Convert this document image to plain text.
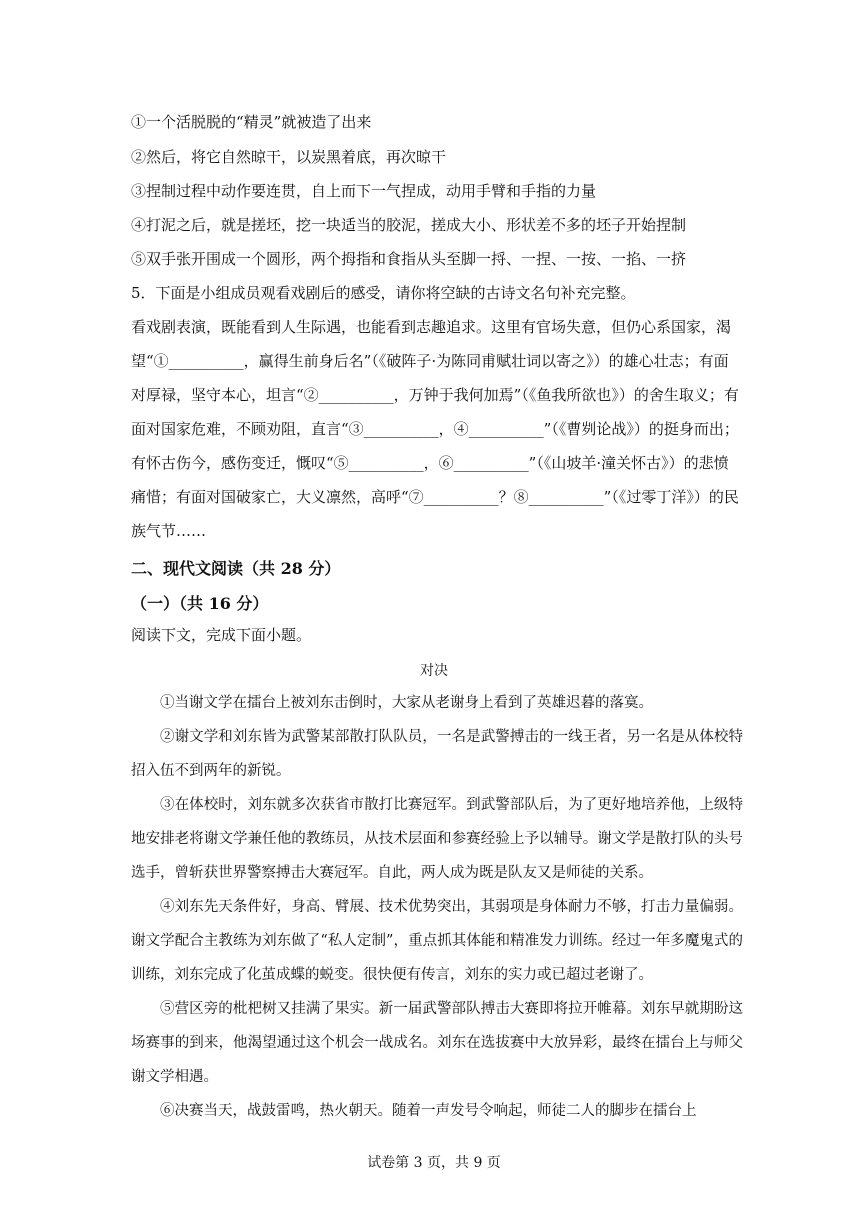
①一个活脱脱的“精灵”就被造了出来
②然后，将它自然晾干，以炭黑着底，再次晾干
③捏制过程中动作要连贯，自上而下一气捏成，动用手臂和手指的力量
④打泥之后，就是搓坯，挖一块适当的胶泥，搓成大小、形状差不多的坯子开始捏制
⑤双手张开围成一个圆形，两个拇指和食指从头至脚一捋、一捏、一按、一掐、一挤
5．下面是小组成员观看戏剧后的感受，请你将空缺的古诗文名句补充完整。
看戏剧表演，既能看到人生际遇，也能看到志趣追求。这里有官场失意，但仍心系国家，渴望“①__________，赢得生前身后名”（《破阵子·为陈同甫赋壮词以寄之》）的雄心壮志；有面对厚禄，坚守本心，坦言“②__________，万钟于我何加焉”（《鱼我所欲也》）的舍生取义；有面对国家危难，不顾劝阻，直言“③__________，④__________”（《曹刿论战》）的挺身而出；有怀古伤今，感伤变迁，慨叹“⑤__________，⑥__________”（《山坡羊·潼关怀古》）的悲愤痛惜；有面对国破家亡，大义凛然，高呼“⑦__________？⑧__________”（《过零丁洋》）的民族气节……
二、现代文阅读（共 28 分）
（一）（共 16 分）
阅读下文，完成下面小题。
对决
①当谢文学在擂台上被刘东击倒时，大家从老谢身上看到了英雄迟暮的落寞。
②谢文学和刘东皆为武警某部散打队队员，一名是武警搏击的一线王者，另一名是从体校特招入伍不到两年的新锐。
③在体校时，刘东就多次获省市散打比赛冠军。到武警部队后，为了更好地培养他，上级特地安排老将谢文学兼任他的教练员，从技术层面和参赛经验上予以辅导。谢文学是散打队的头号选手，曾斩获世界警察搏击大赛冠军。自此，两人成为既是队友又是师徒的关系。
④刘东先天条件好，身高、臂展、技术优势突出，其弱项是身体耐力不够，打击力量偏弱。谢文学配合主教练为刘东做了“私人定制”，重点抓其体能和精准发力训练。经过一年多魔鬼式的训练，刘东完成了化茧成蝶的蜕变。很快便有传言，刘东的实力或已超过老谢了。
⑤营区旁的枇杷树又挂满了果实。新一届武警部队搏击大赛即将拉开帷幕。刘东早就期盼这场赛事的到来，他渴望通过这个机会一战成名。刘东在选拔赛中大放异彩，最终在擂台上与师父谢文学相遇。
⑥决赛当天，战鼓雷鸣，热火朝天。随着一声发号令响起，师徒二人的脚步在擂台上
试卷第 3 页，共 9 页
